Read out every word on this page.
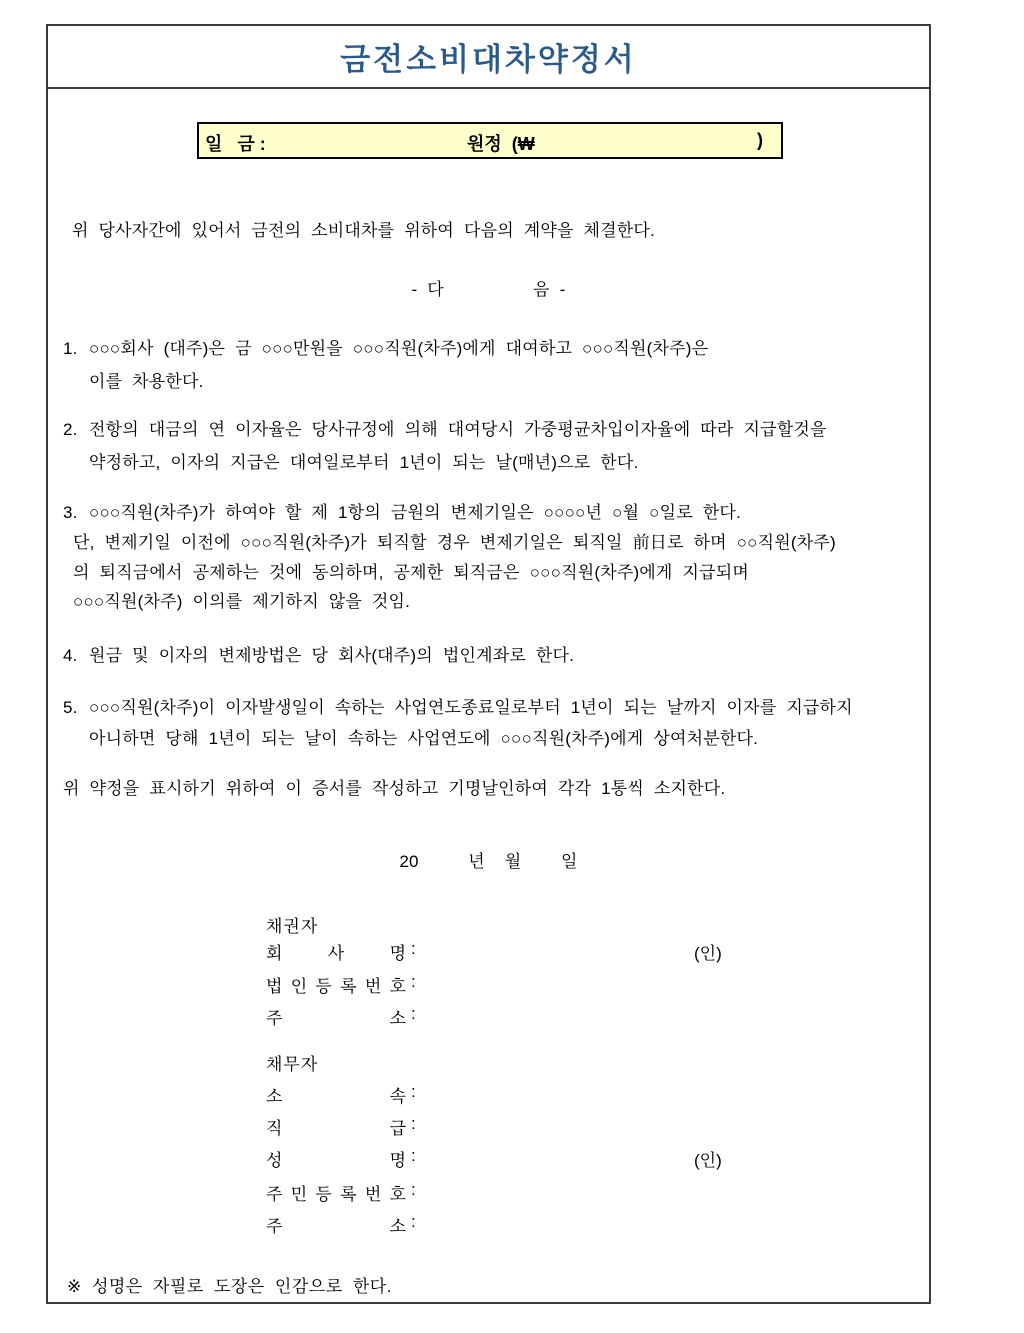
금전소비대차약정서
일   금 :	원정  (₩	)
위 당사자간에 있어서 금전의 소비대차를 위하여 다음의 계약을 체결한다.
- 다         음 -
1. ○○○회사 (대주)은 금 ○○○만원을 ○○○직원(차주)에게 대여하고 ○○○직원(차주)은
이를 차용한다.
2. 전항의 대금의 연 이자율은 당사규정에 의해 대여당시 가중평균차입이자율에 따라 지급할것을
약정하고, 이자의 지급은 대여일로부터 1년이 되는 날(매년)으로 한다.
3. ○○○직원(차주)가 하여야 할 제 1항의 금원의 변제기일은 ○○○○년 ○월 ○일로 한다.
단, 변제기일 이전에 ○○○직원(차주)가 퇴직할 경우 변제기일은 퇴직일 前日로 하며 ○○직원(차주)
의 퇴직금에서 공제하는 것에 동의하며, 공제한 퇴직금은 ○○○직원(차주)에게 지급되며
○○○직원(차주) 이의를 제기하지 않을 것임.
4. 원금 및 이자의 변제방법은 당 회사(대주)의 법인계좌로 한다.
5. ○○○직원(차주)이 이자발생일이 속하는 사업연도종료일로부터 1년이 되는 날까지 이자를 지급하지
아니하면 당해 1년이 되는 날이 속하는 사업연도에 ○○○직원(차주)에게 상여처분한다.
위 약정을 표시하기 위하여 이 증서를 작성하고 기명날인하여 각각 1통씩 소지한다.
20     년  월    일
채권자
회 사 명 :	(인)
법 인 등 록 번 호 :
주 소 :
채무자
소 속 :
직 급 :
성 명 :	(인)
주 민 등 록 번 호 :
주 소 :
※ 성명은 자필로 도장은 인감으로 한다.
